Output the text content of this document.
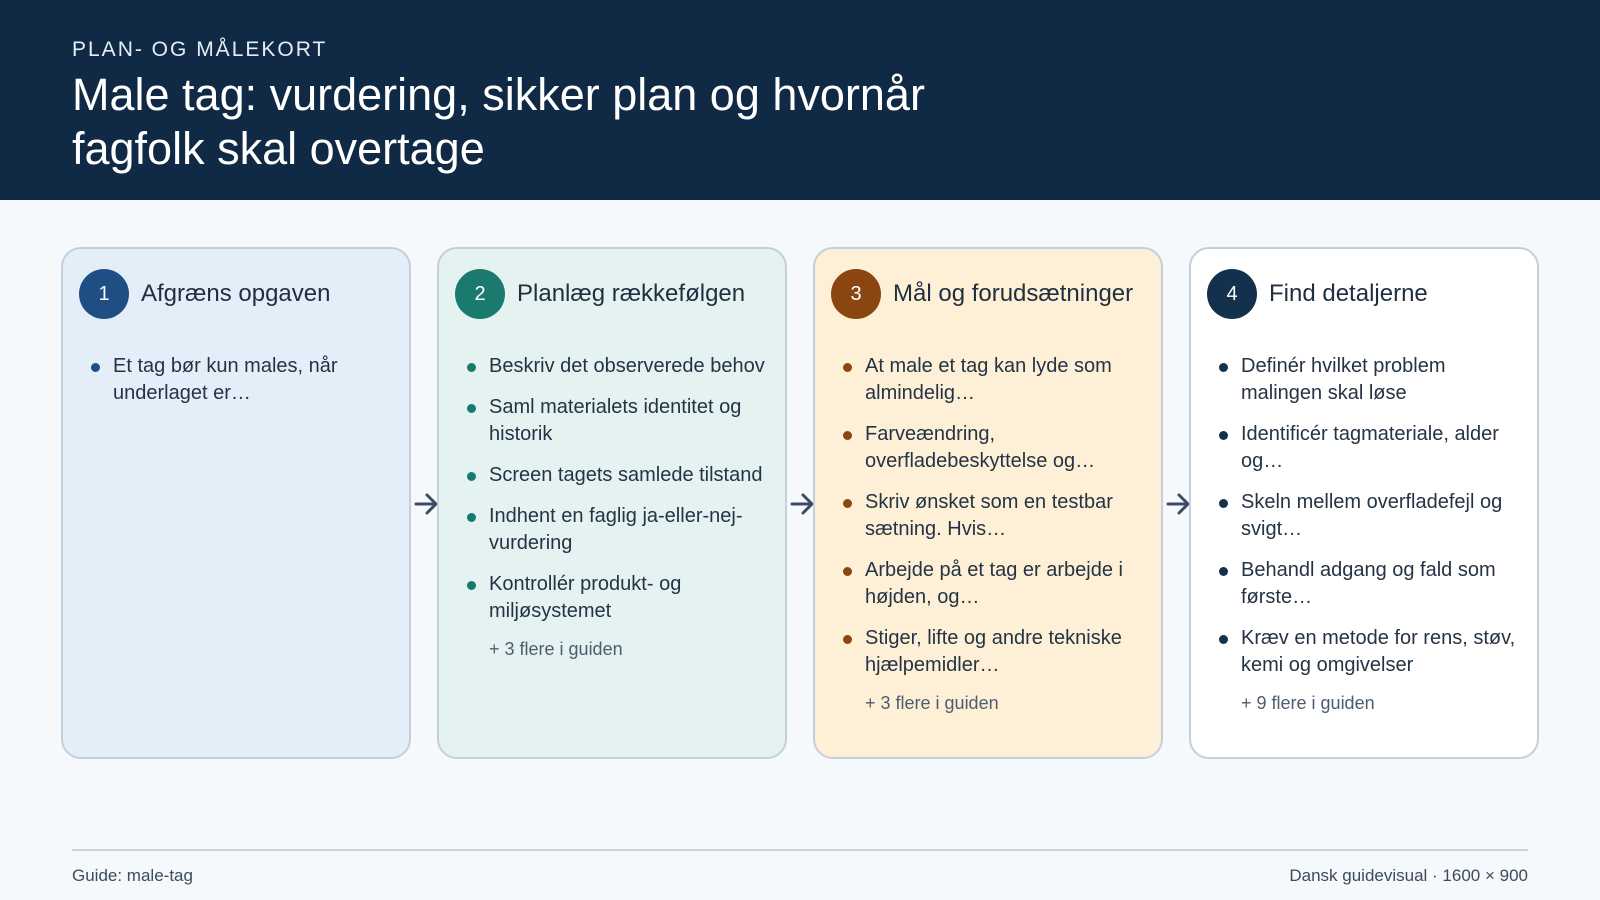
PLAN- OG MÅLEKORT
Male tag: vurdering, sikker plan og hvornår fagfolk skal overtage
1	Afgræns opgaven
Et tag bør kun males, når underlaget er…
2	Planlæg rækkefølgen
Beskriv det observerede behov
Saml materialets identitet og historik
Screen tagets samlede tilstand
Indhent en faglig ja-eller-nej-vurdering
Kontrollér produkt- og miljøsystemet
+ 3 flere i guiden
3	Mål og forudsætninger
At male et tag kan lyde som almindelig…
Farveændring, overfladebeskyttelse og…
Skriv ønsket som en testbar sætning. Hvis…
Arbejde på et tag er arbejde i højden, og…
Stiger, lifte og andre tekniske hjælpemidler…
+ 3 flere i guiden
4	Find detaljerne
Definér hvilket problem malingen skal løse
Identificér tagmateriale, alder og…
Skeln mellem overfladefejl og svigt…
Behandl adgang og fald som første…
Kræv en metode for rens, støv, kemi og omgivelser
+ 9 flere i guiden
Guide: male-tag	Dansk guidevisual · 1600 × 900
